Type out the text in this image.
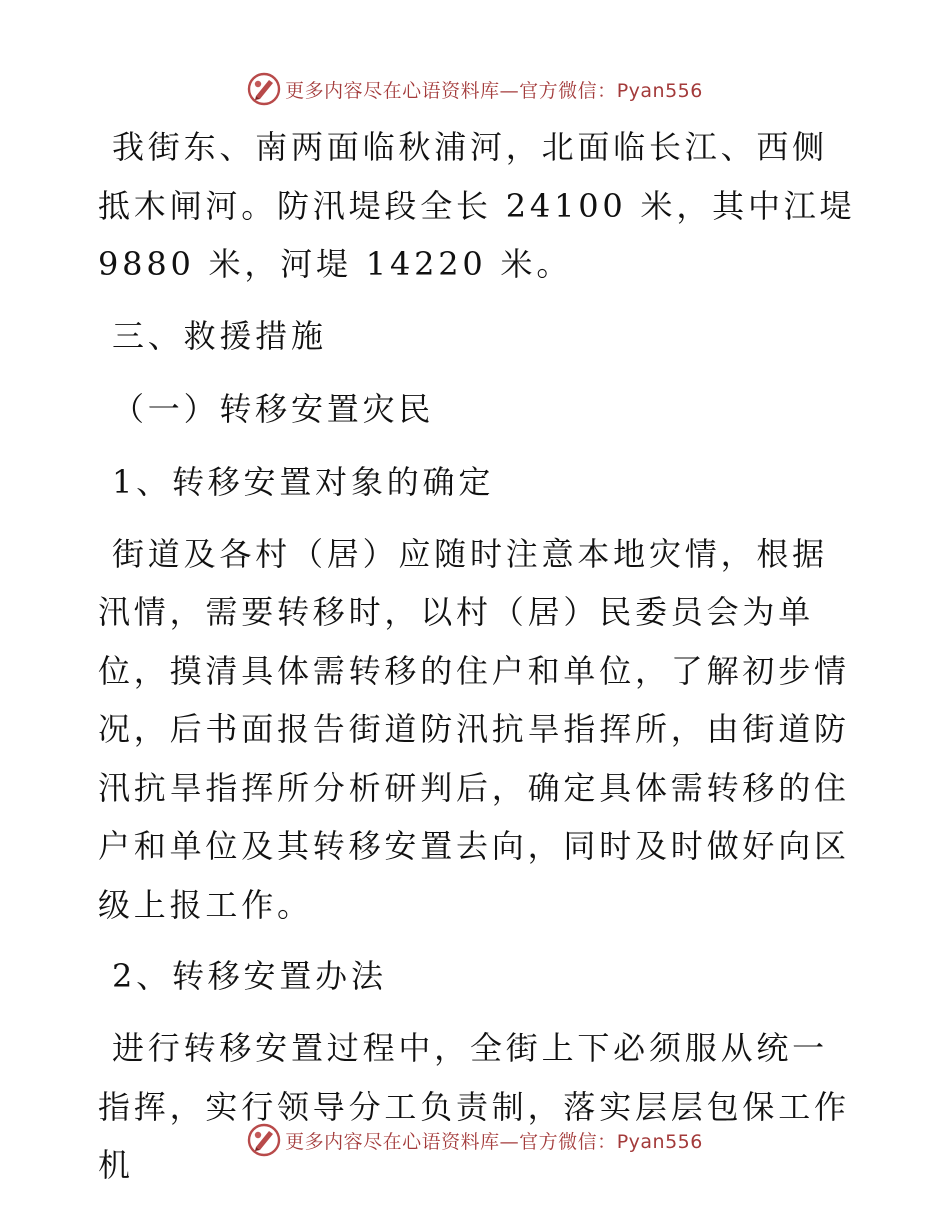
更多内容尽在心语资料库—官方微信：Pyan556

我街东、南两面临秋浦河，北面临长江、西侧抵木闸河。防汛堤段全长 24100 米，其中江堤 9880 米，河堤 14220 米。

三、救援措施

（一）转移安置灾民

1、转移安置对象的确定

街道及各村（居）应随时注意本地灾情，根据汛情，需要转移时，以村（居）民委员会为单位，摸清具体需转移的住户和单位，了解初步情况，后书面报告街道防汛抗旱指挥所，由街道防汛抗旱指挥所分析研判后，确定具体需转移的住户和单位及其转移安置去向，同时及时做好向区级上报工作。

2、转移安置办法

进行转移安置过程中，全街上下必须服从统一指挥，实行领导分工负责制，落实层层包保工作机

更多内容尽在心语资料库—官方微信：Pyan556
